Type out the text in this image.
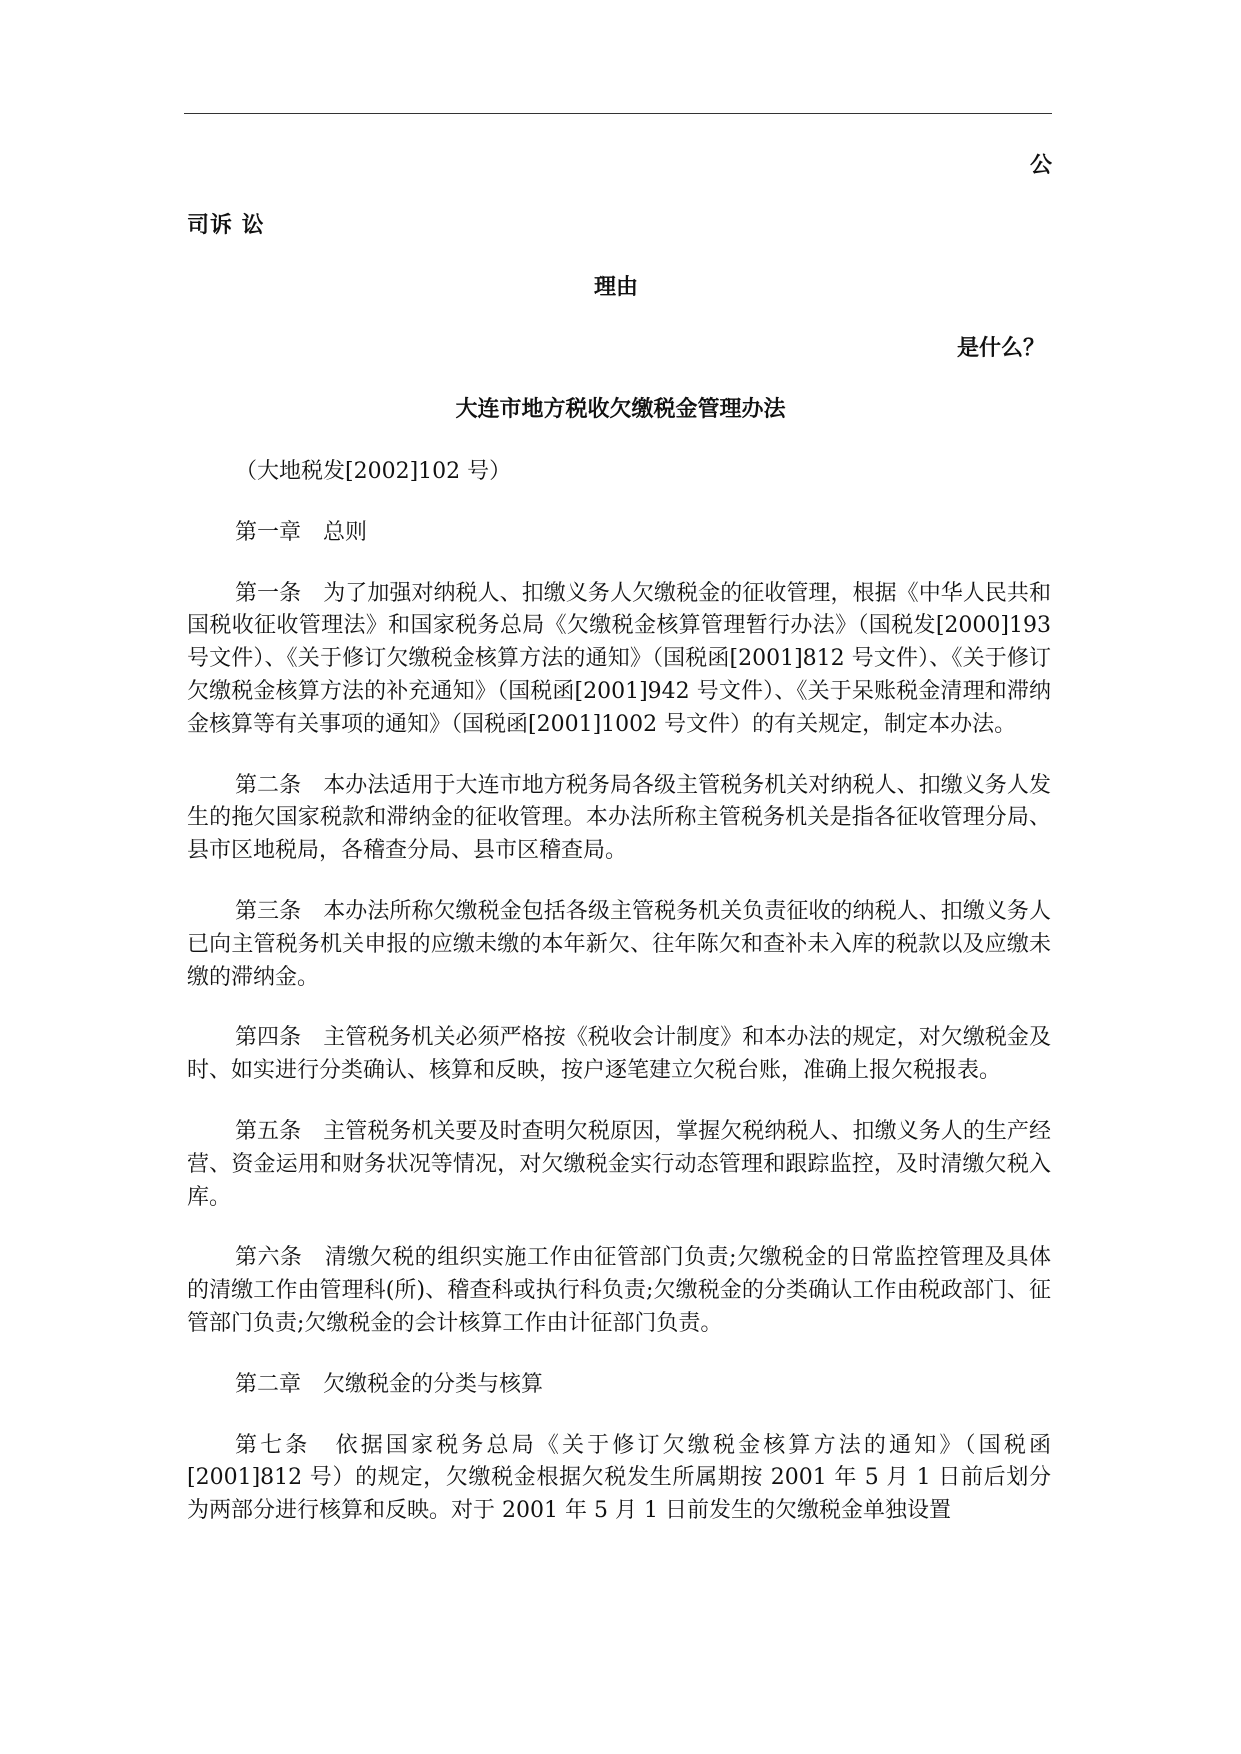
公
司诉 讼
理由
是什么？
大连市地方税收欠缴税金管理办法

（大地税发[2002]102 号）

第一章　总则

第一条　为了加强对纳税人、扣缴义务人欠缴税金的征收管理，根据《中华人民共和国税收征收管理法》和国家税务总局《欠缴税金核算管理暂行办法》（国税发[2000]193 号文件）、《关于修订欠缴税金核算方法的通知》（国税函[2001]812 号文件）、《关于修订欠缴税金核算方法的补充通知》（国税函[2001]942 号文件）、《关于呆账税金清理和滞纳金核算等有关事项的通知》（国税函[2001]1002 号文件）的有关规定，制定本办法。

第二条　本办法适用于大连市地方税务局各级主管税务机关对纳税人、扣缴义务人发生的拖欠国家税款和滞纳金的征收管理。本办法所称主管税务机关是指各征收管理分局、县市区地税局，各稽查分局、县市区稽查局。

第三条　本办法所称欠缴税金包括各级主管税务机关负责征收的纳税人、扣缴义务人已向主管税务机关申报的应缴未缴的本年新欠、往年陈欠和查补未入库的税款以及应缴未缴的滞纳金。

第四条　主管税务机关必须严格按《税收会计制度》和本办法的规定，对欠缴税金及时、如实进行分类确认、核算和反映，按户逐笔建立欠税台账，准确上报欠税报表。

第五条　主管税务机关要及时查明欠税原因，掌握欠税纳税人、扣缴义务人的生产经营、资金运用和财务状况等情况，对欠缴税金实行动态管理和跟踪监控，及时清缴欠税入库。

第六条　清缴欠税的组织实施工作由征管部门负责;欠缴税金的日常监控管理及具体的清缴工作由管理科(所)、稽查科或执行科负责;欠缴税金的分类确认工作由税政部门、征管部门负责;欠缴税金的会计核算工作由计征部门负责。

第二章　欠缴税金的分类与核算

第七条　依据国家税务总局《关于修订欠缴税金核算方法的通知》（国税函[2001]812 号）的规定，欠缴税金根据欠税发生所属期按 2001 年 5 月 1 日前后划分为两部分进行核算和反映。对于 2001 年 5 月 1 日前发生的欠缴税金单独设置
